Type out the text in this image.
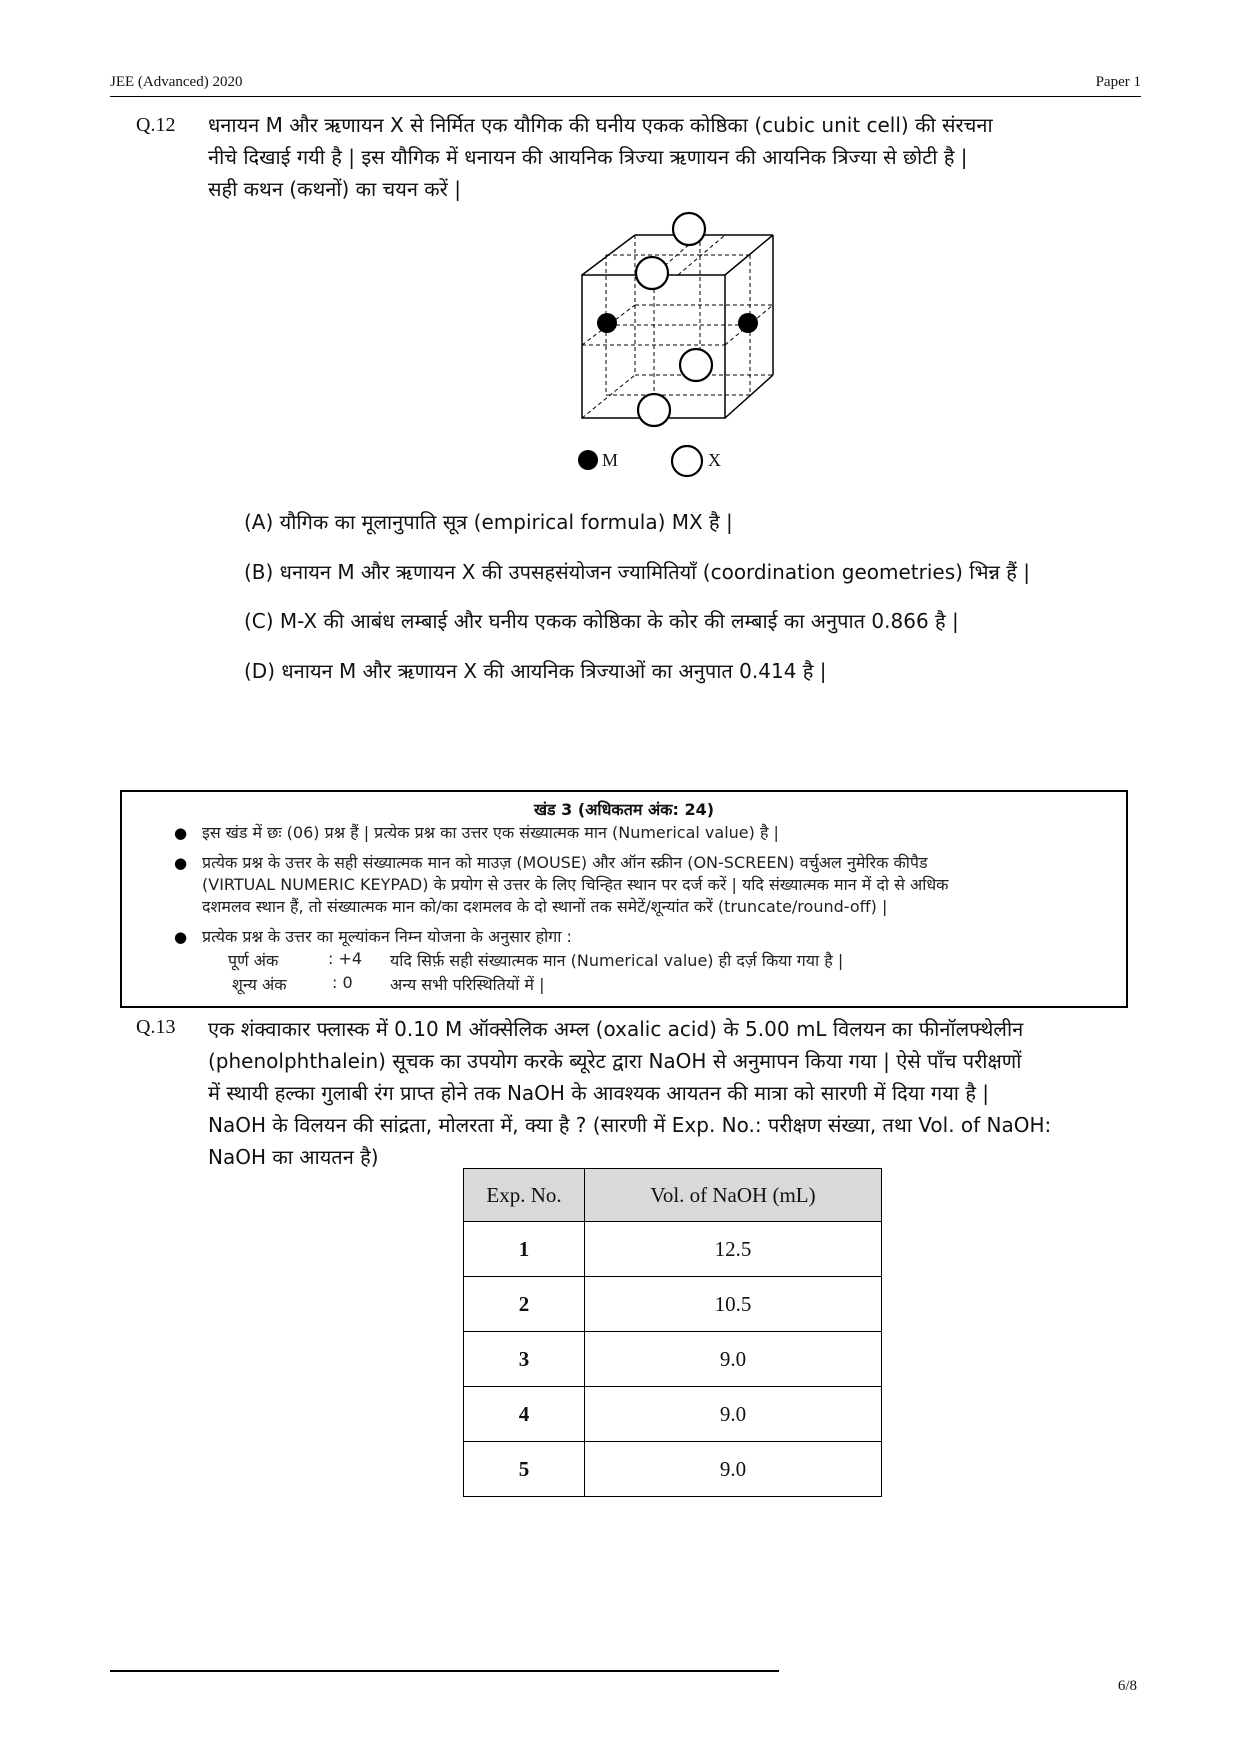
JEE (Advanced) 2020	Paper 1
Q.12 धनायन M और ऋणायन X से निर्मित एक यौगिक की घनीय एकक कोष्ठिका (cubic unit cell) की संरचना
नीचे दिखाई गयी है | इस यौगिक में धनायन की आयनिक त्रिज्या ऋणायन की आयनिक त्रिज्या से छोटी है |
सही कथन (कथनों) का चयन करें |
M	X
(A) यौगिक का मूलानुपाति सूत्र (empirical formula) MX है |
(B) धनायन M और ऋणायन X की उपसहसंयोजन ज्यामितियाँ (coordination geometries) भिन्न हैं |
(C) M-X की आबंध लम्बाई और घनीय एकक कोष्ठिका के कोर की लम्बाई का अनुपात 0.866 है |
(D) धनायन M और ऋणायन X की आयनिक त्रिज्याओं का अनुपात 0.414 है |
खंड 3 (अधिकतम अंक: 24)
● इस खंड में छः (06) प्रश्न हैं | प्रत्येक प्रश्न का उत्तर एक संख्यात्मक मान (Numerical value) है |
● प्रत्येक प्रश्न के उत्तर के सही संख्यात्मक मान को माउज़ (MOUSE) और ऑन स्क्रीन (ON-SCREEN) वर्चुअल नुमेरिक कीपैड
(VIRTUAL NUMERIC KEYPAD) के प्रयोग से उत्तर के लिए चिन्हित स्थान पर दर्ज करें | यदि संख्यात्मक मान में दो से अधिक
दशमलव स्थान हैं, तो संख्यात्मक मान को/का दशमलव के दो स्थानों तक समेटें/शून्यांत करें (truncate/round-off) |
● प्रत्येक प्रश्न के उत्तर का मूल्यांकन निम्न योजना के अनुसार होगा :
पूर्ण अंक	: +4 यदि सिर्फ़ सही संख्यात्मक मान (Numerical value) ही दर्ज़ किया गया है |
शून्य अंक	: 0 अन्य सभी परिस्थितियों में |
Q.13 एक शंक्वाकार फ्लास्क में 0.10 M ऑक्सेलिक अम्ल (oxalic acid) के 5.00 mL विलयन का फीनॉलफ्थेलीन
(phenolphthalein) सूचक का उपयोग करके ब्यूरेट द्वारा NaOH से अनुमापन किया गया | ऐसे पाँच परीक्षणों
में स्थायी हल्का गुलाबी रंग प्राप्त होने तक NaOH के आवश्यक आयतन की मात्रा को सारणी में दिया गया है |
NaOH के विलयन की सांद्रता, मोलरता में, क्या है ? (सारणी में Exp. No.: परीक्षण संख्या, तथा Vol. of NaOH:
NaOH का आयतन है)
Exp. No.	Vol. of NaOH (mL)
1	12.5
2	10.5
3	9.0
4	9.0
5	9.0
6/8
